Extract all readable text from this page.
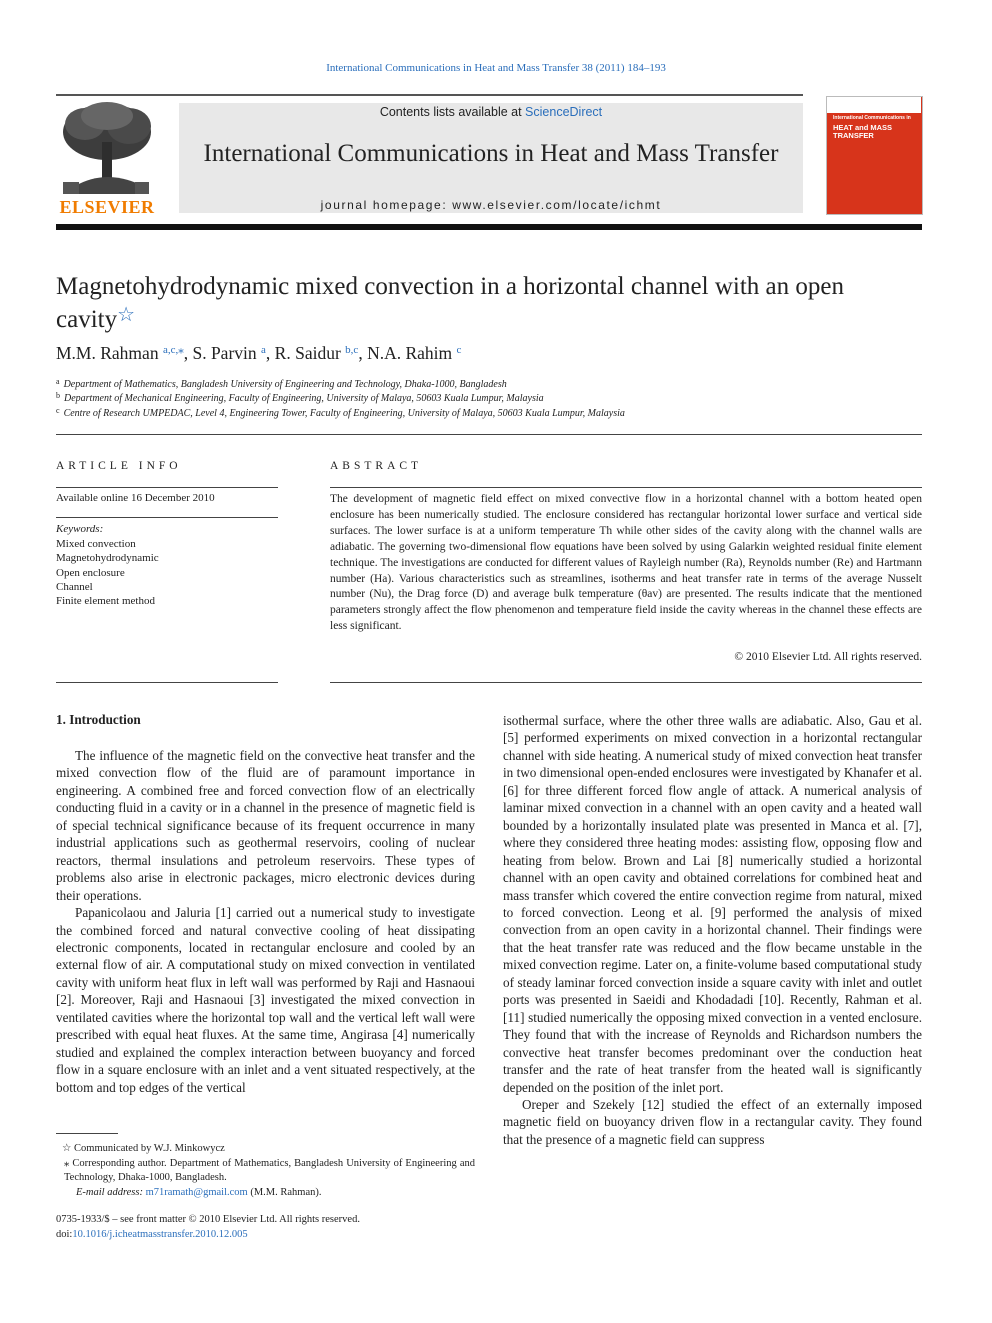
International Communications in Heat and Mass Transfer 38 (2011) 184–193
ELSEVIER
Contents lists available at ScienceDirect
International Communications in Heat and Mass Transfer
journal homepage: www.elsevier.com/locate/ichmt
International Communications in
HEAT and MASS TRANSFER
Magnetohydrodynamic mixed convection in a horizontal channel with an open cavity☆
M.M. Rahman $^{a,c,⁎}$, S. Parvin $^a$, R. Saidur $^{b,c}$, N.A. Rahim $^c$
$^a$ Department of Mathematics, Bangladesh University of Engineering and Technology, Dhaka-1000, Bangladesh
$^b$ Department of Mechanical Engineering, Faculty of Engineering, University of Malaya, 50603 Kuala Lumpur, Malaysia
$^c$ Centre of Research UMPEDAC, Level 4, Engineering Tower, Faculty of Engineering, University of Malaya, 50603 Kuala Lumpur, Malaysia
ARTICLE INFO	ABSTRACT
Available online 16 December 2010
Keywords:
Mixed convection
Magnetohydrodynamic
Open enclosure
Channel
Finite element method
The development of magnetic field effect on mixed convective flow in a horizontal channel with a bottom heated open enclosure has been numerically studied. The enclosure considered has rectangular horizontal lower surface and vertical side surfaces. The lower surface is at a uniform temperature Th while other sides of the cavity along with the channel walls are adiabatic. The governing two-dimensional flow equations have been solved by using Galarkin weighted residual finite element technique. The investigations are conducted for different values of Rayleigh number (Ra), Reynolds number (Re) and Hartmann number (Ha). Various characteristics such as streamlines, isotherms and heat transfer rate in terms of the average Nusselt number (Nu), the Drag force (D) and average bulk temperature (θav) are presented. The results indicate that the mentioned parameters strongly affect the flow phenomenon and temperature field inside the cavity whereas in the channel these effects are less significant.
© 2010 Elsevier Ltd. All rights reserved.
1. Introduction

The influence of the magnetic field on the convective heat transfer and the mixed convection flow of the fluid are of paramount importance in engineering. A combined free and forced convection flow of an electrically conducting fluid in a cavity or in a channel in the presence of magnetic field is of special technical significance because of its frequent occurrence in many industrial applications such as geothermal reservoirs, cooling of nuclear reactors, thermal insulations and petroleum reservoirs. These types of problems also arise in electronic packages, micro electronic devices during their operations.

Papanicolaou and Jaluria [1] carried out a numerical study to investigate the combined forced and natural convective cooling of heat dissipating electronic components, located in rectangular enclosure and cooled by an external flow of air. A computational study on mixed convection in ventilated cavity with uniform heat flux in left wall was performed by Raji and Hasnaoui [2]. Moreover, Raji and Hasnaoui [3] investigated the mixed convection in ventilated cavities where the horizontal top wall and the vertical left wall were prescribed with equal heat fluxes. At the same time, Angirasa [4] numerically studied and explained the complex interaction between buoyancy and forced flow in a square enclosure with an inlet and a vent situated respectively, at the bottom and top edges of the vertical

isothermal surface, where the other three walls are adiabatic. Also, Gau et al. [5] performed experiments on mixed convection in a horizontal rectangular channel with side heating. A numerical study of mixed convection heat transfer in two dimensional open-ended enclosures were investigated by Khanafer et al. [6] for three different forced flow angle of attack. A numerical analysis of laminar mixed convection in a channel with an open cavity and a heated wall bounded by a horizontally insulated plate was presented in Manca et al. [7], where they considered three heating modes: assisting flow, opposing flow and heating from below. Brown and Lai [8] numerically studied a horizontal channel with an open cavity and obtained correlations for combined heat and mass transfer which covered the entire convection regime from natural, mixed to forced convection. Leong et al. [9] performed the analysis of mixed convection from an open cavity in a horizontal channel. Their findings were that the heat transfer rate was reduced and the flow became unstable in the mixed convection regime. Later on, a finite-volume based computational study of steady laminar forced convection inside a square cavity with inlet and outlet ports was presented in Saeidi and Khodadadi [10]. Recently, Rahman et al. [11] studied numerically the opposing mixed convection in a vented enclosure. They found that with the increase of Reynolds and Richardson numbers the convective heat transfer becomes predominant over the conduction heat transfer and the rate of heat transfer from the heated wall is significantly depended on the position of the inlet port.

Oreper and Szekely [12] studied the effect of an externally imposed magnetic field on buoyancy driven flow in a rectangular cavity. They found that the presence of a magnetic field can suppress

☆ Communicated by W.J. Minkowycz
⁎ Corresponding author. Department of Mathematics, Bangladesh University of Engineering and Technology, Dhaka-1000, Bangladesh.
E-mail address: m71ramath@gmail.com (M.M. Rahman).
0735-1933/$ – see front matter © 2010 Elsevier Ltd. All rights reserved.
doi:10.1016/j.icheatmasstransfer.2010.12.005
